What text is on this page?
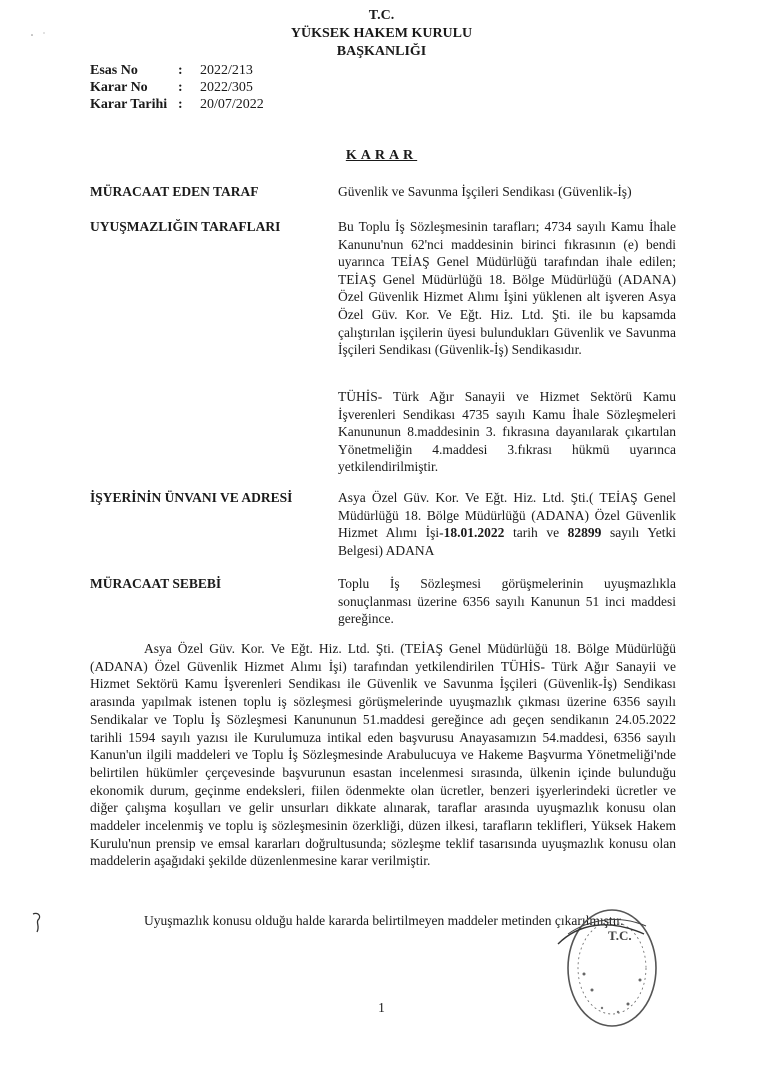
T.C.
YÜKSEK HAKEM KURULU
BAŞKANLIĞI
Esas No	:	2022/213
Karar No	:	2022/305
Karar Tarihi :	20/07/2022
KARAR
MÜRACAAT EDEN TARAF	Güvenlik ve Savunma İşçileri Sendikası (Güvenlik-İş)
UYUŞMAZLIĞIN TARAFLARI	Bu Toplu İş Sözleşmesinin tarafları; 4734 sayılı Kamu İhale Kanunu'nun 62'nci maddesinin birinci fıkrasının (e) bendi uyarınca TEİAŞ Genel Müdürlüğü tarafından ihale edilen; TEİAŞ Genel Müdürlüğü 18. Bölge Müdürlüğü (ADANA) Özel Güvenlik Hizmet Alımı İşini yüklenen alt işveren Asya Özel Güv. Kor. Ve Eğt. Hiz. Ltd. Şti. ile bu kapsamda çalıştırılan işçilerin üyesi bulundukları Güvenlik ve Savunma İşçileri Sendikası (Güvenlik-İş) Sendikasıdır.
TÜHİS- Türk Ağır Sanayii ve Hizmet Sektörü Kamu İşverenleri Sendikası 4735 sayılı Kamu İhale Sözleşmeleri Kanununun 8.maddesinin 3. fıkrasına dayanılarak çıkartılan Yönetmeliğin 4.maddesi 3.fıkrası hükmü uyarınca yetkilendirilmiştir.
İŞYERİNİN ÜNVANI VE ADRESİ	Asya Özel Güv. Kor. Ve Eğt. Hiz. Ltd. Şti.( TEİAŞ Genel Müdürlüğü 18. Bölge Müdürlüğü (ADANA) Özel Güvenlik Hizmet Alımı İşi-18.01.2022 tarih ve 82899 sayılı Yetki Belgesi) ADANA
MÜRACAAT SEBEBİ	Toplu İş Sözleşmesi görüşmelerinin uyuşmazlıkla sonuçlanması üzerine 6356 sayılı Kanunun 51 inci maddesi gereğince.
Asya Özel Güv. Kor. Ve Eğt. Hiz. Ltd. Şti. (TEİAŞ Genel Müdürlüğü 18. Bölge Müdürlüğü (ADANA) Özel Güvenlik Hizmet Alımı İşi) tarafından yetkilendirilen TÜHİS- Türk Ağır Sanayii ve Hizmet Sektörü Kamu İşverenleri Sendikası ile Güvenlik ve Savunma İşçileri (Güvenlik-İş) Sendikası arasında yapılmak istenen toplu iş sözleşmesi görüşmelerinde uyuşmazlık çıkması üzerine 6356 sayılı Sendikalar ve Toplu İş Sözleşmesi Kanununun 51.maddesi gereğince adı geçen sendikanın 24.05.2022 tarihli 1594 sayılı yazısı ile Kurulumuza intikal eden başvurusu Anayasamızın 54.maddesi, 6356 sayılı Kanun'un ilgili maddeleri ve Toplu İş Sözleşmesinde Arabulucuya ve Hakeme Başvurma Yönetmeliği'nde belirtilen hükümler çerçevesinde başvurunun esastan incelenmesi sırasında, ülkenin içinde bulunduğu ekonomik durum, geçinme endeksleri, fiilen ödenmekte olan ücretler, benzeri işyerlerindeki ücretler ve diğer çalışma koşulları ve gelir unsurları dikkate alınarak, taraflar arasında uyuşmazlık konusu olan maddeler incelenmiş ve toplu iş sözleşmesinin özerkliği, düzen ilkesi, tarafların teklifleri, Yüksek Hakem Kurulu'nun prensip ve emsal kararları doğrultusunda; sözleşme teklif tasarısında uyuşmazlık konusu olan maddelerin aşağıdaki şekilde düzenlenmesine karar verilmiştir.
Uyuşmazlık konusu olduğu halde kararda belirtilmeyen maddeler metinden çıkarılmıştır.
T.C.
1
